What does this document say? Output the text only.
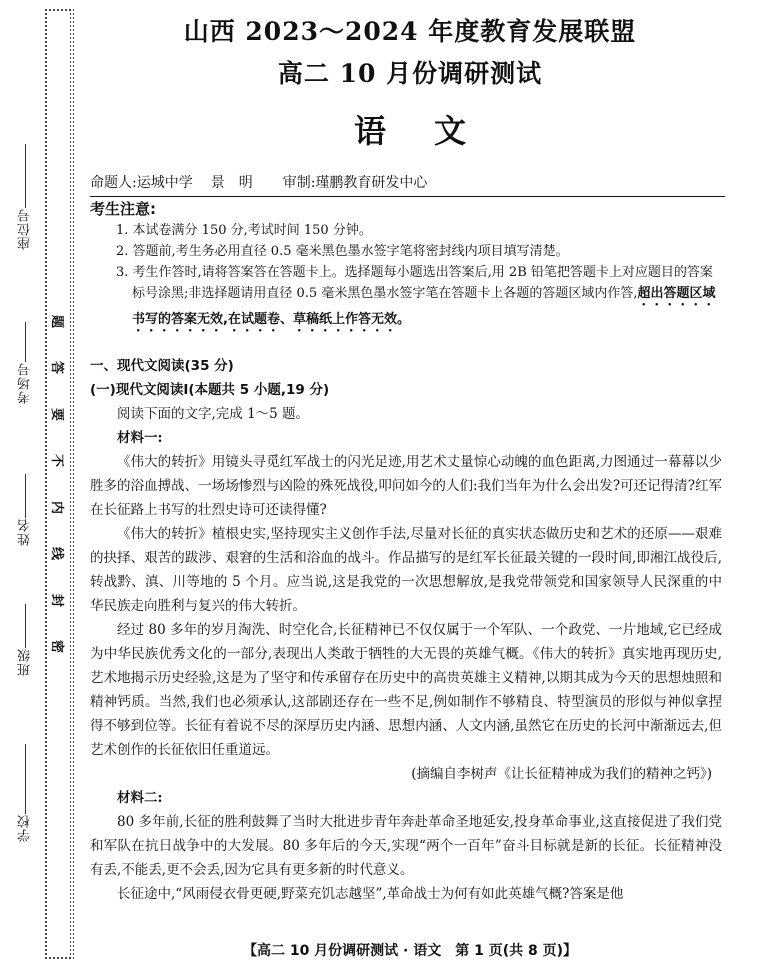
座位号
考场号
姓名
班级
学校
题
答
要
不
内
线
封
密
山西 2023～2024 年度教育发展联盟
高二 10 月份调研测试
语文
命题人:运城中学 景　明 审制:瑾鹏教育研发中心
考生注意:
1. 本试卷满分 150 分,考试时间 150 分钟。
2. 答题前,考生务必用直径 0.5 毫米黑色墨水签字笔将密封线内项目填写清楚。
3. 考生作答时,请将答案答在答题卡上。选择题每小题选出答案后,用 2B 铅笔把答题卡上对应题目的答案标号涂黑;非选择题请用直径 0.5 毫米黑色墨水签字笔在答题卡上各题的答题区域内作答,超出答题区域书写的答案无效,在试题卷、草稿纸上作答无效。
一、现代文阅读(35 分)
(一)现代文阅读Ⅰ(本题共 5 小题,19 分)

阅读下面的文字,完成 1～5 题。

材料一:

《伟大的转折》用镜头寻觅红军战士的闪光足迹,用艺术丈量惊心动魄的血色距离,力图通过一幕幕以少胜多的浴血搏战、一场场惨烈与凶险的殊死战役,叩问如今的人们:我们当年为什么会出发?可还记得清?红军在长征路上书写的壮烈史诗可还读得懂?

《伟大的转折》植根史实,坚持现实主义创作手法,尽量对长征的真实状态做历史和艺术的还原——艰难的抉择、艰苦的跋涉、艰窘的生活和浴血的战斗。作品描写的是红军长征最关键的一段时间,即湘江战役后,转战黔、滇、川等地的 5 个月。应当说,这是我党的一次思想解放,是我党带领党和国家领导人民深重的中华民族走向胜利与复兴的伟大转折。

经过 80 多年的岁月淘洗、时空化合,长征精神已不仅仅属于一个军队、一个政党、一片地域,它已经成为中华民族优秀文化的一部分,表现出人类敢于牺牲的大无畏的英雄气概。《伟大的转折》真实地再现历史,艺术地揭示历史经验,这是为了坚守和传承留存在历史中的高贵英雄主义精神,以期其成为今天的思想烛照和精神钙质。当然,我们也必须承认,这部剧还存在一些不足,例如制作不够精良、特型演员的形似与神似拿捏得不够到位等。长征有着说不尽的深厚历史内涵、思想内涵、人文内涵,虽然它在历史的长河中渐渐远去,但艺术创作的长征依旧任重道远。

(摘编自李树声《让长征精神成为我们的精神之钙》)

材料二:

80 多年前,长征的胜利鼓舞了当时大批进步青年奔赴革命圣地延安,投身革命事业,这直接促进了我们党和军队在抗日战争中的大发展。80 多年后的今天,实现“两个一百年”奋斗目标就是新的长征。长征精神没有丢,不能丢,更不会丢,因为它具有更多新的时代意义。

长征途中,“风雨侵衣骨更硬,野菜充饥志越坚”,革命战士为何有如此英雄气概?答案是他

【高二 10 月份调研测试 · 语文　第 1 页(共 8 页)】
